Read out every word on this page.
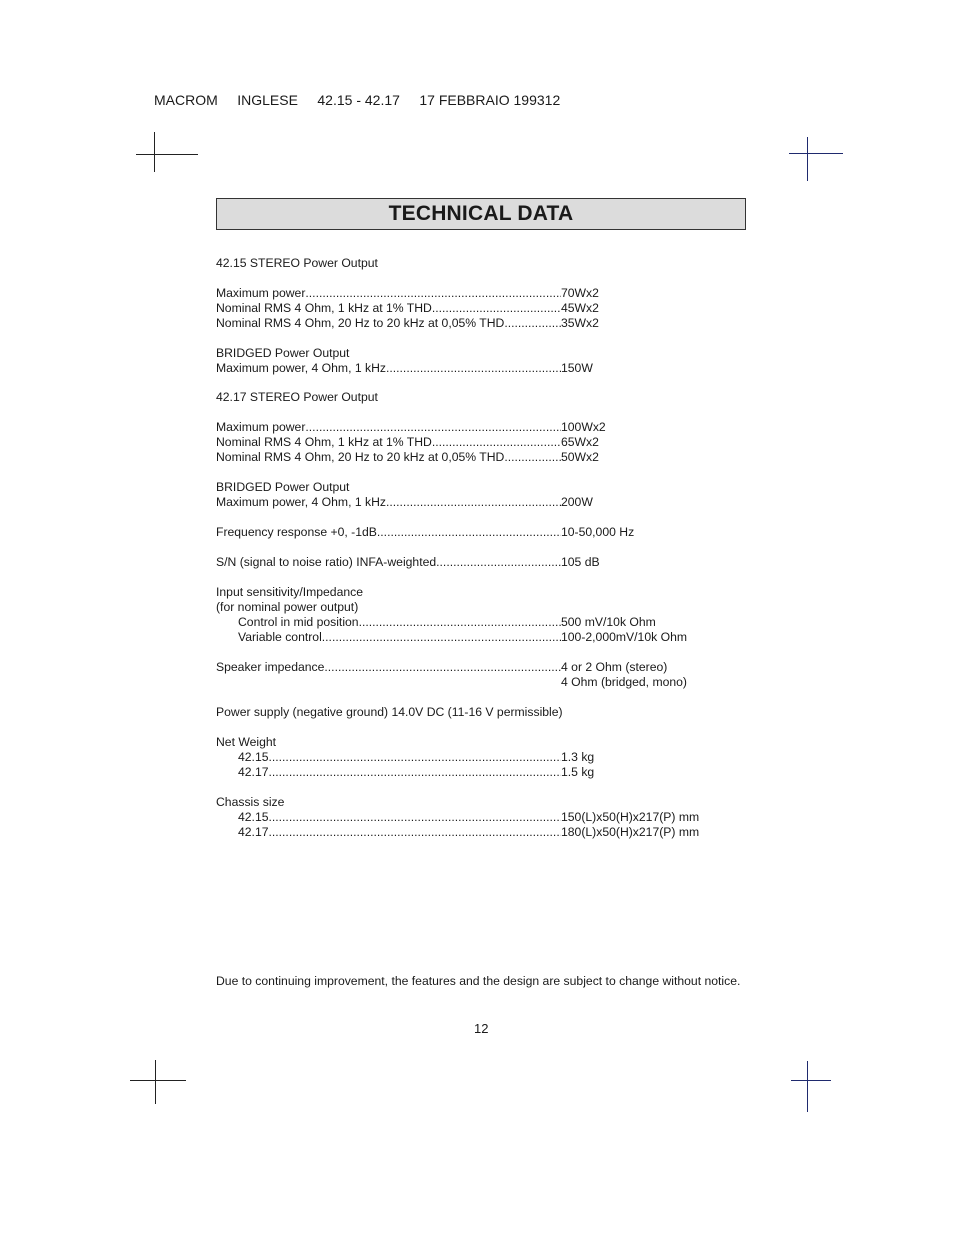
MACROM INGLESE 42.15 - 42.17 17 FEBBRAIO 199312
TECHNICAL DATA
42.15 STEREO Power Output
Maximum power .....	70Wx2
Nominal RMS 4 Ohm, 1 kHz at 1% THD .....	45Wx2
Nominal RMS 4 Ohm, 20 Hz to 20 kHz at 0,05% THD .....	35Wx2
BRIDGED Power Output
Maximum power, 4 Ohm, 1 kHz .....	150W
42.17 STEREO Power Output
Maximum power .....	100Wx2
Nominal RMS 4 Ohm, 1 kHz at 1% THD .....	65Wx2
Nominal RMS 4 Ohm, 20 Hz to 20 kHz at 0,05% THD .....	50Wx2
BRIDGED Power Output
Maximum power, 4 Ohm, 1 kHz .....	200W
Frequency response +0, -1dB .....	10-50,000 Hz
S/N (signal to noise ratio) INFA-weighted .....	105 dB
Input sensitivity/Impedance
(for nominal power output)
Control in mid position .....	500 mV/10k Ohm
Variable control .....	100-2,000mV/10k Ohm
Speaker impedance .....	4 or 2 Ohm (stereo)
4 Ohm (bridged, mono)
Power supply (negative ground) 14.0V DC (11-16 V permissible)
Net Weight
42.15 .....	1.3 kg
42.17 .....	1.5 kg
Chassis size
42.15 .....	150(L)x50(H)x217(P) mm
42.17 .....	180(L)x50(H)x217(P) mm
Due to continuing improvement, the features and the design are subject to change without notice.
12
